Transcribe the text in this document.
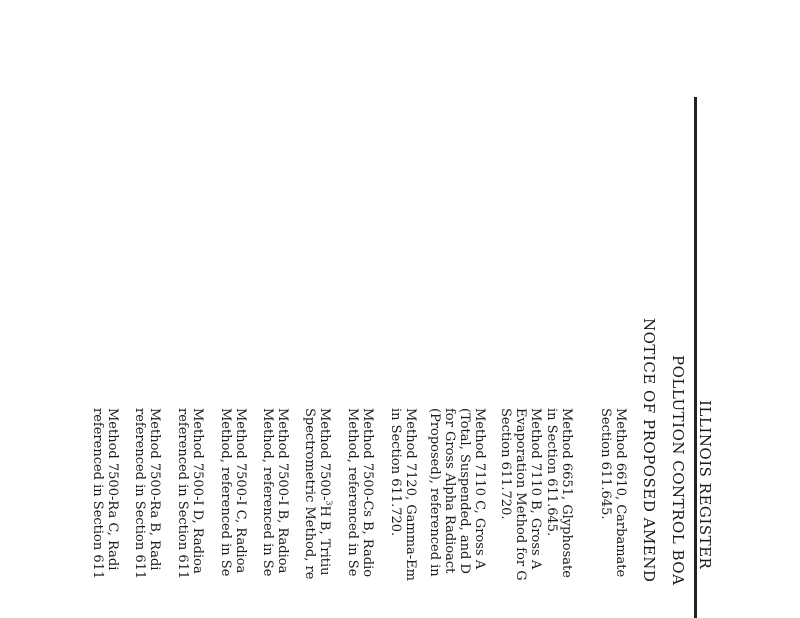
ILLINOIS REGISTER
POLLUTION CONTROL BOA
NOTICE OF PROPOSED AMEND
Method 6610, Carbamate
Section 611.645.
Method 6651, Glyphosate
in Section 611.645.
Method 7110 B, Gross A
Evaporation Method for G
Section 611.720.
Method 7110 C, Gross A
(Total, Suspended, and D
for Gross Alpha Radioact
(Proposed), referenced in
Method 7120, Gamma-Em
in Section 611.720.
Method 7500-Cs B, Radio
Method, referenced in Se
Method 7500-$^3$H B, Tritiu
Spectrometric Method, re
Method 7500-I B, Radioa
Method, referenced in Se
Method 7500-I C, Radioa
Method, referenced in Se
Method 7500-I D, Radioa
referenced in Section 611
Method 7500-Ra B, Radi
referenced in Section 611
Method 7500-Ra C, Radi
referenced in Section 611
